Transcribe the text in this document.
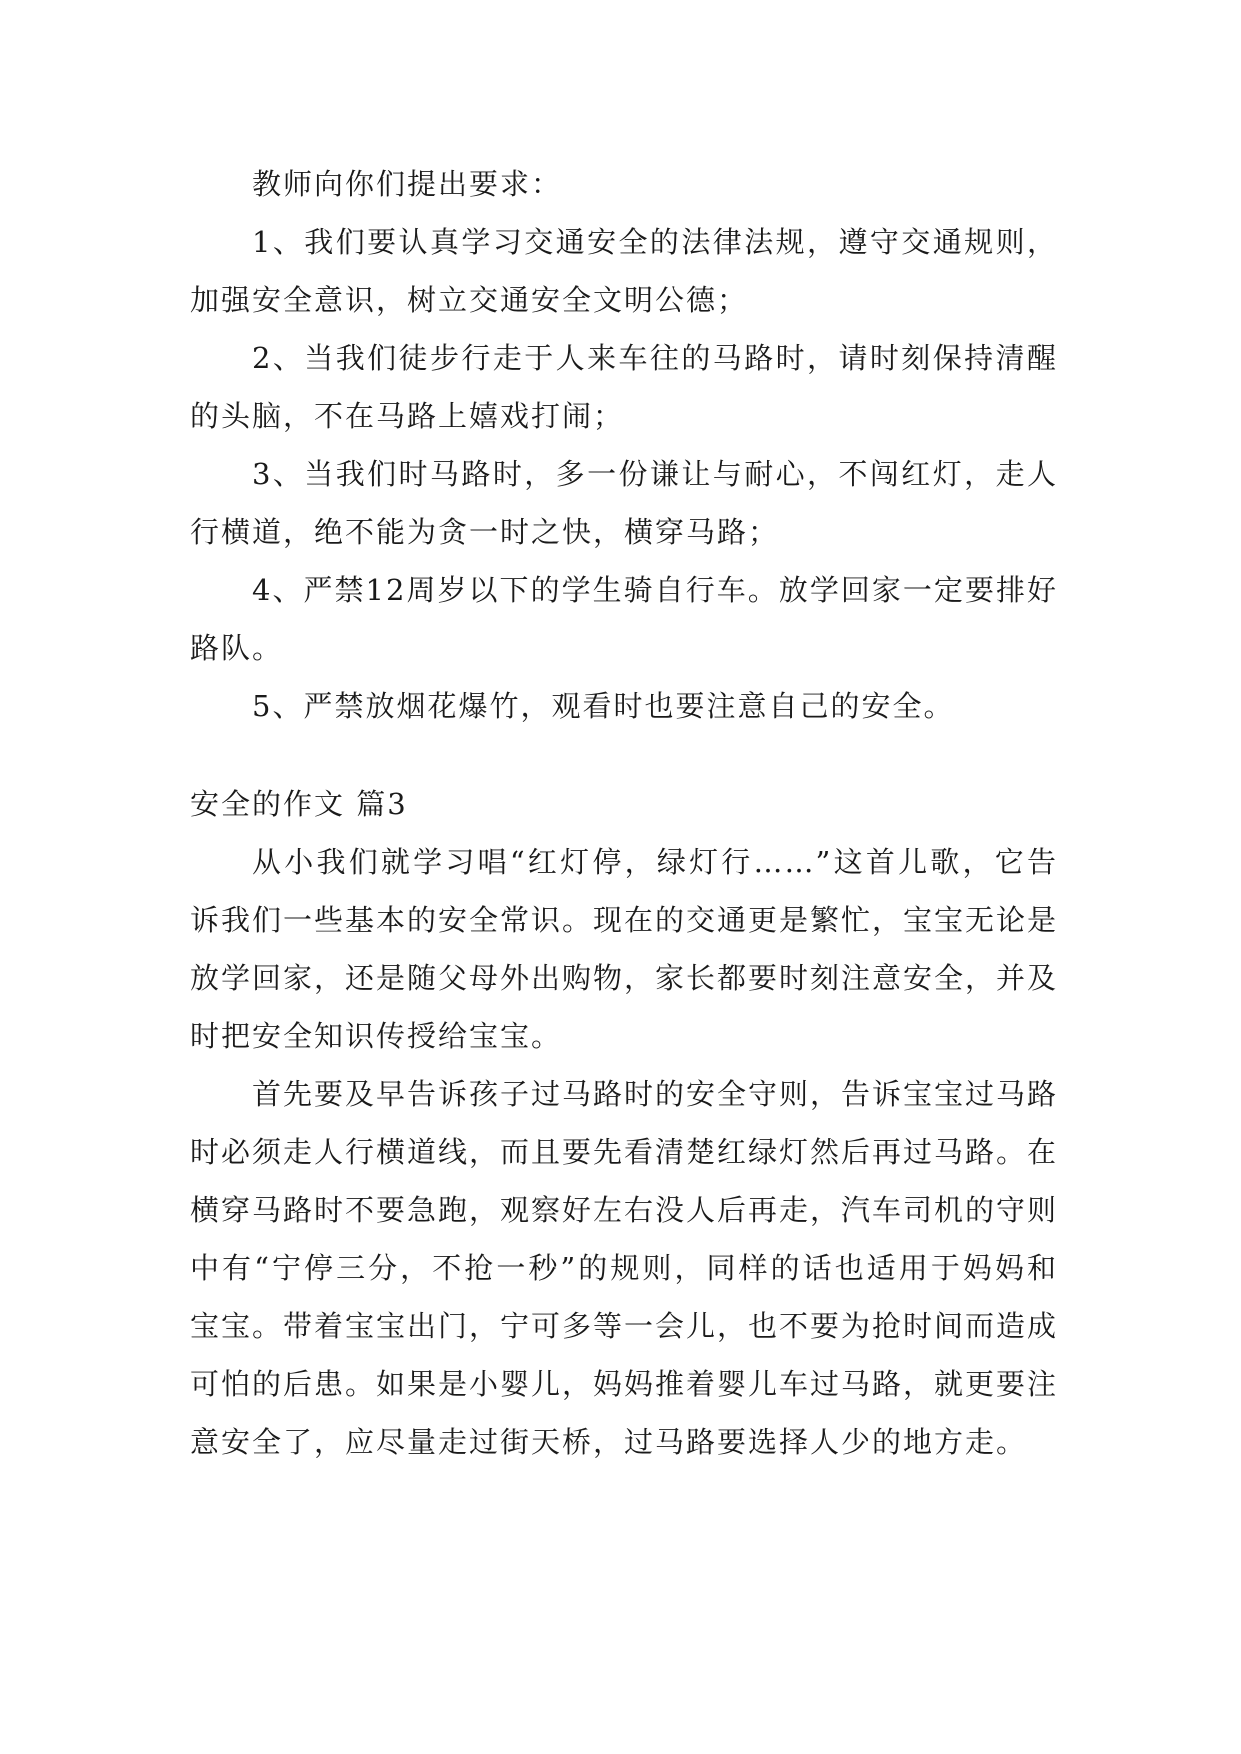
教师向你们提出要求：

1、我们要认真学习交通安全的法律法规，遵守交通规则，加强安全意识，树立交通安全文明公德；

2、当我们徒步行走于人来车往的马路时，请时刻保持清醒的头脑，不在马路上嬉戏打闹；

3、当我们时马路时，多一份谦让与耐心，不闯红灯，走人行横道，绝不能为贪一时之快，横穿马路；

4、严禁12周岁以下的学生骑自行车。放学回家一定要排好路队。

5、严禁放烟花爆竹，观看时也要注意自己的安全。

安全的作文 篇3

从小我们就学习唱“红灯停，绿灯行……”这首儿歌，它告诉我们一些基本的安全常识。现在的交通更是繁忙，宝宝无论是放学回家，还是随父母外出购物，家长都要时刻注意安全，并及时把安全知识传授给宝宝。

首先要及早告诉孩子过马路时的安全守则，告诉宝宝过马路时必须走人行横道线，而且要先看清楚红绿灯然后再过马路。在横穿马路时不要急跑，观察好左右没人后再走，汽车司机的守则中有“宁停三分，不抢一秒”的规则，同样的话也适用于妈妈和宝宝。带着宝宝出门，宁可多等一会儿，也不要为抢时间而造成可怕的后患。如果是小婴儿，妈妈推着婴儿车过马路，就更要注意安全了，应尽量走过街天桥，过马路要选择人少的地方走。
